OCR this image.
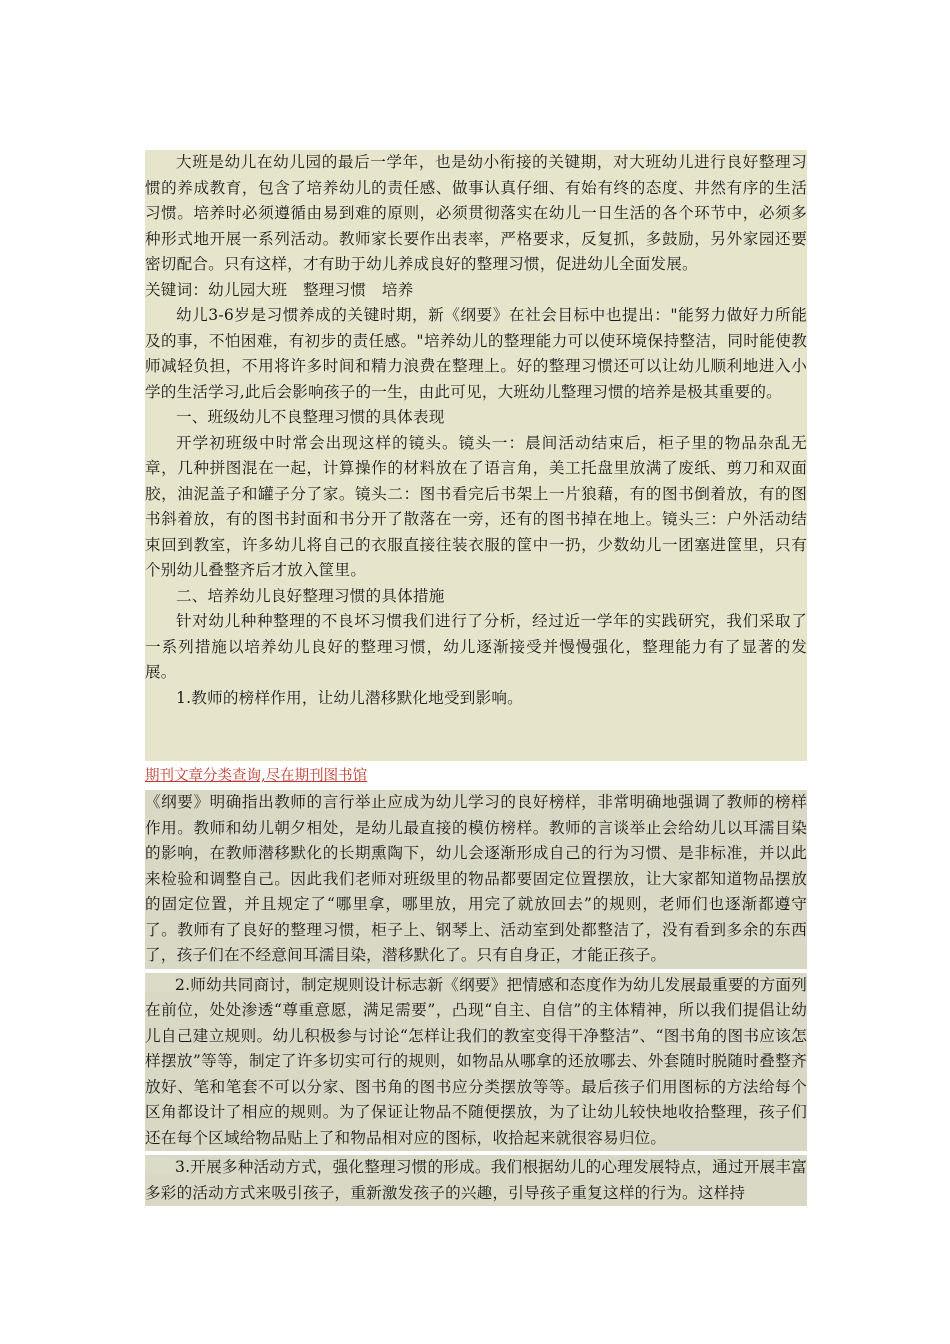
大班是幼儿在幼儿园的最后一学年，也是幼小衔接的关键期，对大班幼儿进行良好整理习惯的养成教育，包含了培养幼儿的责任感、做事认真仔细、有始有终的态度、井然有序的生活习惯。培养时必须遵循由易到难的原则，必须贯彻落实在幼儿一日生活的各个环节中，必须多种形式地开展一系列活动。教师家长要作出表率，严格要求，反复抓，多鼓励，另外家园还要密切配合。只有这样，才有助于幼儿养成良好的整理习惯，促进幼儿全面发展。

关键词：幼儿园大班　整理习惯　培养

幼儿3-6岁是习惯养成的关键时期，新《纲要》在社会目标中也提出："能努力做好力所能及的事，不怕困难，有初步的责任感。"培养幼儿的整理能力可以使环境保持整洁，同时能使教师减轻负担，不用将许多时间和精力浪费在整理上。好的整理习惯还可以让幼儿顺利地进入小学的生活学习,此后会影响孩子的一生，由此可见，大班幼儿整理习惯的培养是极其重要的。

一、班级幼儿不良整理习惯的具体表现

开学初班级中时常会出现这样的镜头。镜头一：晨间活动结束后，柜子里的物品杂乱无章，几种拼图混在一起，计算操作的材料放在了语言角，美工托盘里放满了废纸、剪刀和双面胶，油泥盖子和罐子分了家。镜头二：图书看完后书架上一片狼藉，有的图书倒着放，有的图书斜着放，有的图书封面和书分开了散落在一旁，还有的图书掉在地上。镜头三：户外活动结束回到教室，许多幼儿将自己的衣服直接往装衣服的筐中一扔，少数幼儿一团塞进筐里，只有个别幼儿叠整齐后才放入筐里。

二、培养幼儿良好整理习惯的具体措施

针对幼儿种种整理的不良坏习惯我们进行了分析，经过近一学年的实践研究，我们采取了一系列措施以培养幼儿良好的整理习惯，幼儿逐渐接受并慢慢强化，整理能力有了显著的发展。

1.教师的榜样作用，让幼儿潜移默化地受到影响。

期刊文章分类查询,尽在期刊图书馆

《纲要》明确指出教师的言行举止应成为幼儿学习的良好榜样，非常明确地强调了教师的榜样作用。教师和幼儿朝夕相处，是幼儿最直接的模仿榜样。教师的言谈举止会给幼儿以耳濡目染的影响，在教师潜移默化的长期熏陶下，幼儿会逐渐形成自己的行为习惯、是非标准，并以此来检验和调整自己。因此我们老师对班级里的物品都要固定位置摆放，让大家都知道物品摆放的固定位置，并且规定了“哪里拿，哪里放，用完了就放回去”的规则，老师们也逐渐都遵守了。教师有了良好的整理习惯，柜子上、钢琴上、活动室到处都整洁了，没有看到多余的东西了，孩子们在不经意间耳濡目染，潜移默化了。只有自身正，才能正孩子。

2.师幼共同商讨，制定规则设计标志新《纲要》把情感和态度作为幼儿发展最重要的方面列在前位，处处渗透“尊重意愿，满足需要”，凸现“自主、自信”的主体精神，所以我们提倡让幼儿自己建立规则。幼儿积极参与讨论“怎样让我们的教室变得干净整洁”、“图书角的图书应该怎样摆放”等等，制定了许多切实可行的规则，如物品从哪拿的还放哪去、外套随时脱随时叠整齐放好、笔和笔套不可以分家、图书角的图书应分类摆放等等。最后孩子们用图标的方法给每个区角都设计了相应的规则。为了保证让物品不随便摆放，为了让幼儿较快地收拾整理，孩子们还在每个区域给物品贴上了和物品相对应的图标，收拾起来就很容易归位。

3.开展多种活动方式，强化整理习惯的形成。我们根据幼儿的心理发展特点，通过开展丰富多彩的活动方式来吸引孩子，重新激发孩子的兴趣，引导孩子重复这样的行为。这样持
